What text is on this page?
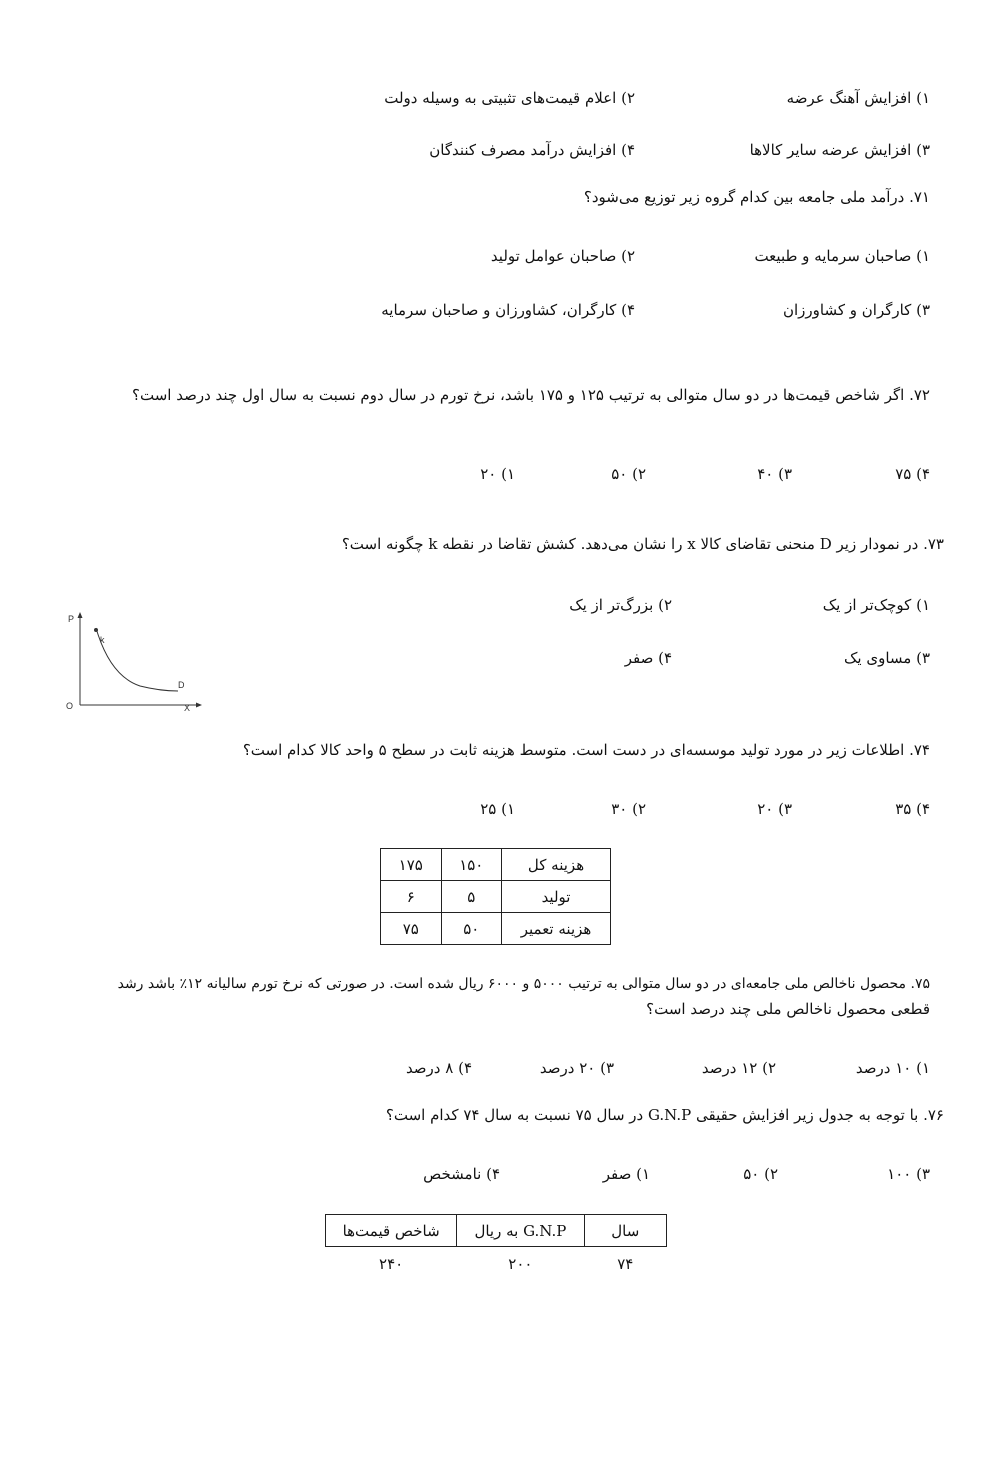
۱) افزایش آهنگ عرضه
۲) اعلام قیمت‌های تثبیتی به وسیله دولت
۳) افزایش عرضه سایر کالاها
۴) افزایش درآمد مصرف کنندگان
۷۱. درآمد ملی جامعه بین کدام گروه زیر توزیع می‌شود؟
۱) صاحبان سرمایه و طبیعت
۲) صاحبان عوامل تولید
۳) کارگران و کشاورزان
۴) کارگران، کشاورزان و صاحبان سرمایه
۷۲. اگر شاخص قیمت‌ها در دو سال متوالی به ترتیب ۱۲۵ و ۱۷۵ باشد، نرخ تورم در سال دوم نسبت به سال اول چند درصد است؟
۴) ۷۵
۳) ۴۰
۲) ۵۰
۱) ۲۰
۷۳. در نمودار زیر D منحنی تقاضای کالا x را نشان می‌دهد. کشش تقاضا در نقطه k چگونه است؟
۱) کوچک‌تر از یک
۲) بزرگ‌تر از یک
۳) مساوی یک
۴) صفر
P
k
D
O	X
۷۴. اطلاعات زیر در مورد تولید موسسه‌ای در دست است. متوسط هزینه ثابت در سطح ۵ واحد کالا کدام است؟
۴) ۳۵
۳) ۲۰
۲) ۳۰
۱) ۲۵
هزینه کل	۱۵۰	۱۷۵
تولید	۵	۶
هزینه تعمیر	۵۰	۷۵
۷۵. محصول ناخالص ملی جامعه‌ای در دو سال متوالی به ترتیب ۵۰۰۰ و ۶۰۰۰ ریال شده است. در صورتی که نرخ تورم سالیانه ۱۲٪ باشد رشد
قطعی محصول ناخالص ملی چند درصد است؟
۱) ۱۰ درصد
۲) ۱۲ درصد
۳) ۲۰ درصد
۴) ۸ درصد
۷۶. با توجه به جدول زیر افزایش حقیقی G.N.P در سال ۷۵ نسبت به سال ۷۴ کدام است؟
۳) ۱۰۰
۲) ۵۰
۱) صفر
۴) نامشخص
سال	G.N.P به ریال	شاخص قیمت‌ها
۷۴	۲۰۰	۲۴۰
